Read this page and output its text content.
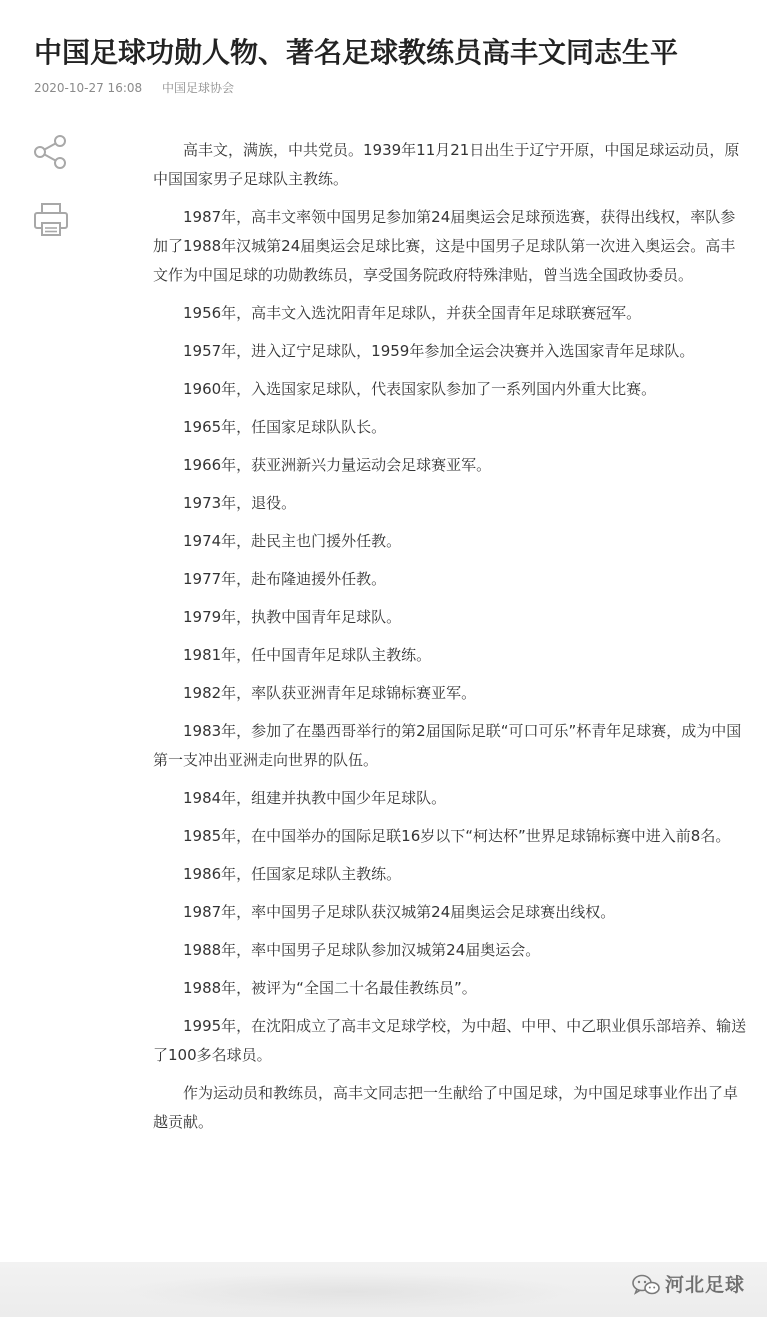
中国足球功勋人物、著名足球教练员高丰文同志生平
2020-10-27 16:08 中国足球协会

高丰文，满族，中共党员。1939年11月21日出生于辽宁开原，中国足球运动员，原中国国家男子足球队主教练。

1987年，高丰文率领中国男足参加第24届奥运会足球预选赛，获得出线权，率队参加了1988年汉城第24届奥运会足球比赛，这是中国男子足球队第一次进入奥运会。高丰文作为中国足球的功勋教练员，享受国务院政府特殊津贴，曾当选全国政协委员。

1956年，高丰文入选沈阳青年足球队，并获全国青年足球联赛冠军。

1957年，进入辽宁足球队，1959年参加全运会决赛并入选国家青年足球队。

1960年，入选国家足球队，代表国家队参加了一系列国内外重大比赛。

1965年，任国家足球队队长。

1966年，获亚洲新兴力量运动会足球赛亚军。

1973年，退役。

1974年，赴民主也门援外任教。

1977年，赴布隆迪援外任教。

1979年，执教中国青年足球队。

1981年，任中国青年足球队主教练。

1982年，率队获亚洲青年足球锦标赛亚军。

1983年，参加了在墨西哥举行的第2届国际足联“可口可乐”杯青年足球赛，成为中国第一支冲出亚洲走向世界的队伍。

1984年，组建并执教中国少年足球队。

1985年，在中国举办的国际足联16岁以下“柯达杯”世界足球锦标赛中进入前8名。

1986年，任国家足球队主教练。

1987年，率中国男子足球队获汉城第24届奥运会足球赛出线权。

1988年，率中国男子足球队参加汉城第24届奥运会。

1988年，被评为“全国二十名最佳教练员”。

1995年，在沈阳成立了高丰文足球学校，为中超、中甲、中乙职业俱乐部培养、输送了100多名球员。

作为运动员和教练员，高丰文同志把一生献给了中国足球，为中国足球事业作出了卓越贡献。

河北足球
